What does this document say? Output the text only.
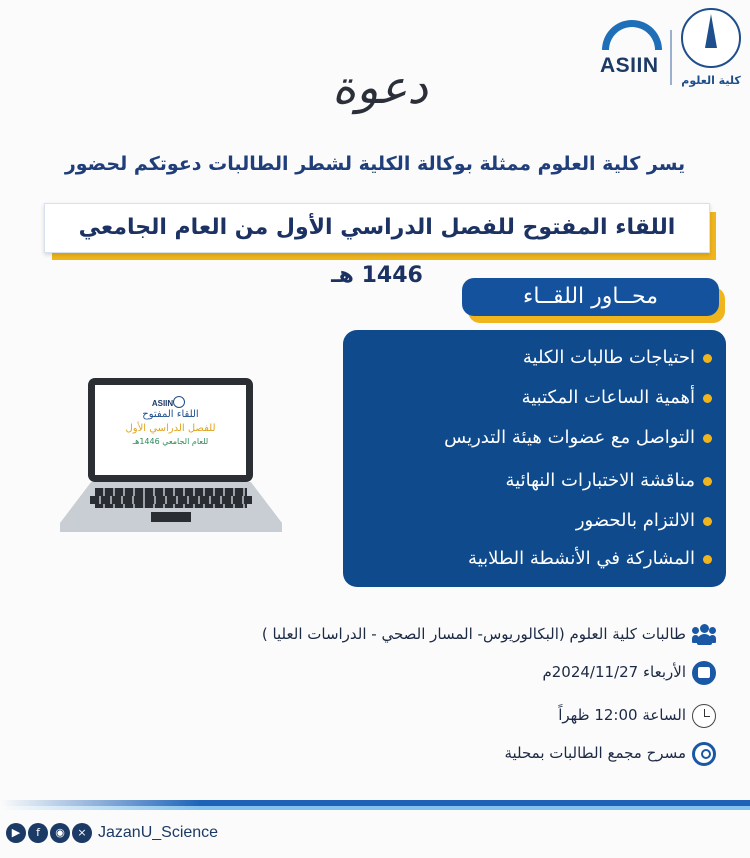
كلية العلوم
ASIIN
دعوة
يسر كلية العلوم ممثلة بوكالة الكلية لشطر الطالبات دعوتكم لحضور
اللقاء المفتوح للفصل الدراسي الأول من العام الجامعي 1446 هـ
محــاور اللقــاء
احتياجات طالبات الكلية
أهمية الساعات المكتبية
التواصل مع عضوات هيئة التدريس
مناقشة الاختبارات النهائية
الالتزام بالحضور
المشاركة في الأنشطة الطلابية
ASIIN
اللقاء المفتوح
للفصل الدراسي الأول
للعام الجامعي 1446هـ
طالبات كلية العلوم (البكالوريوس- المسار الصحي - الدراسات العليا )
الأربعاء 2024/11/27م
الساعة 12:00 ظهراً
مسرح مجمع الطالبات بمحلية
▶ f ◉ × JazanU_Science
